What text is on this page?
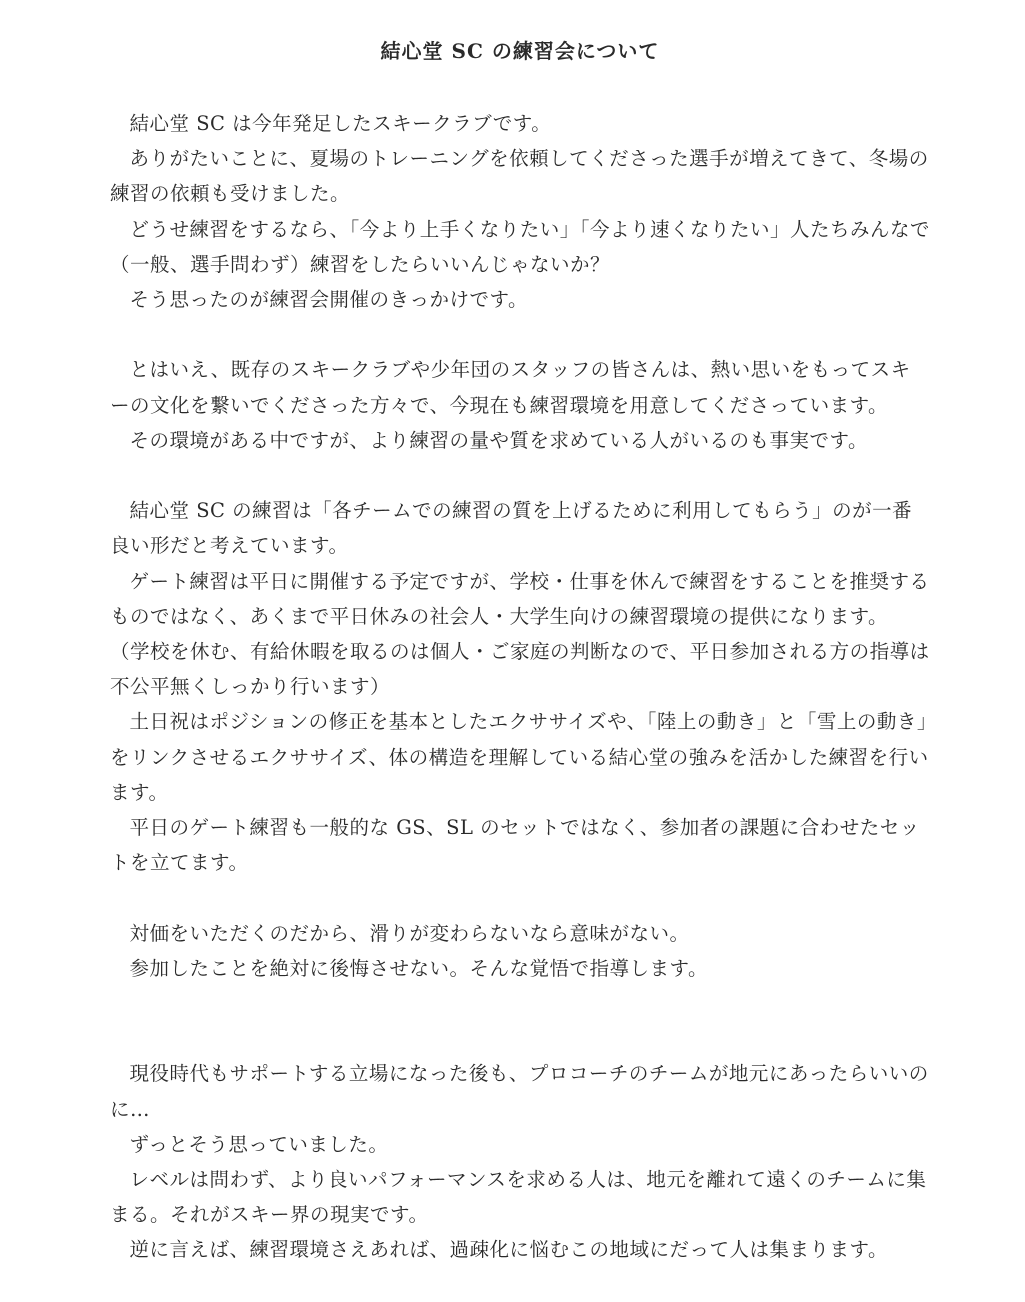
結心堂 SC の練習会について

結心堂 SC は今年発足したスキークラブです。

ありがたいことに、夏場のトレーニングを依頼してくださった選手が増えてきて、冬場の練習の依頼も受けました。

どうせ練習をするなら、「今より上手くなりたい」「今より速くなりたい」人たちみんなで（一般、選手問わず）練習をしたらいいんじゃないか？

そう思ったのが練習会開催のきっかけです。

とはいえ、既存のスキークラブや少年団のスタッフの皆さんは、熱い思いをもってスキーの文化を繋いでくださった方々で、今現在も練習環境を用意してくださっています。

その環境がある中ですが、より練習の量や質を求めている人がいるのも事実です。

結心堂 SC の練習は「各チームでの練習の質を上げるために利用してもらう」のが一番良い形だと考えています。

ゲート練習は平日に開催する予定ですが、学校・仕事を休んで練習をすることを推奨するものではなく、あくまで平日休みの社会人・大学生向けの練習環境の提供になります。

（学校を休む、有給休暇を取るのは個人・ご家庭の判断なので、平日参加される方の指導は不公平無くしっかり行います）

土日祝はポジションの修正を基本としたエクササイズや、「陸上の動き」と「雪上の動き」をリンクさせるエクササイズ、体の構造を理解している結心堂の強みを活かした練習を行います。

平日のゲート練習も一般的な GS、SL のセットではなく、参加者の課題に合わせたセットを立てます。

対価をいただくのだから、滑りが変わらないなら意味がない。

参加したことを絶対に後悔させない。そんな覚悟で指導します。

現役時代もサポートする立場になった後も、プロコーチのチームが地元にあったらいいのに…

ずっとそう思っていました。

レベルは問わず、より良いパフォーマンスを求める人は、地元を離れて遠くのチームに集まる。それがスキー界の現実です。

逆に言えば、練習環境さえあれば、過疎化に悩むこの地域にだって人は集まります。
